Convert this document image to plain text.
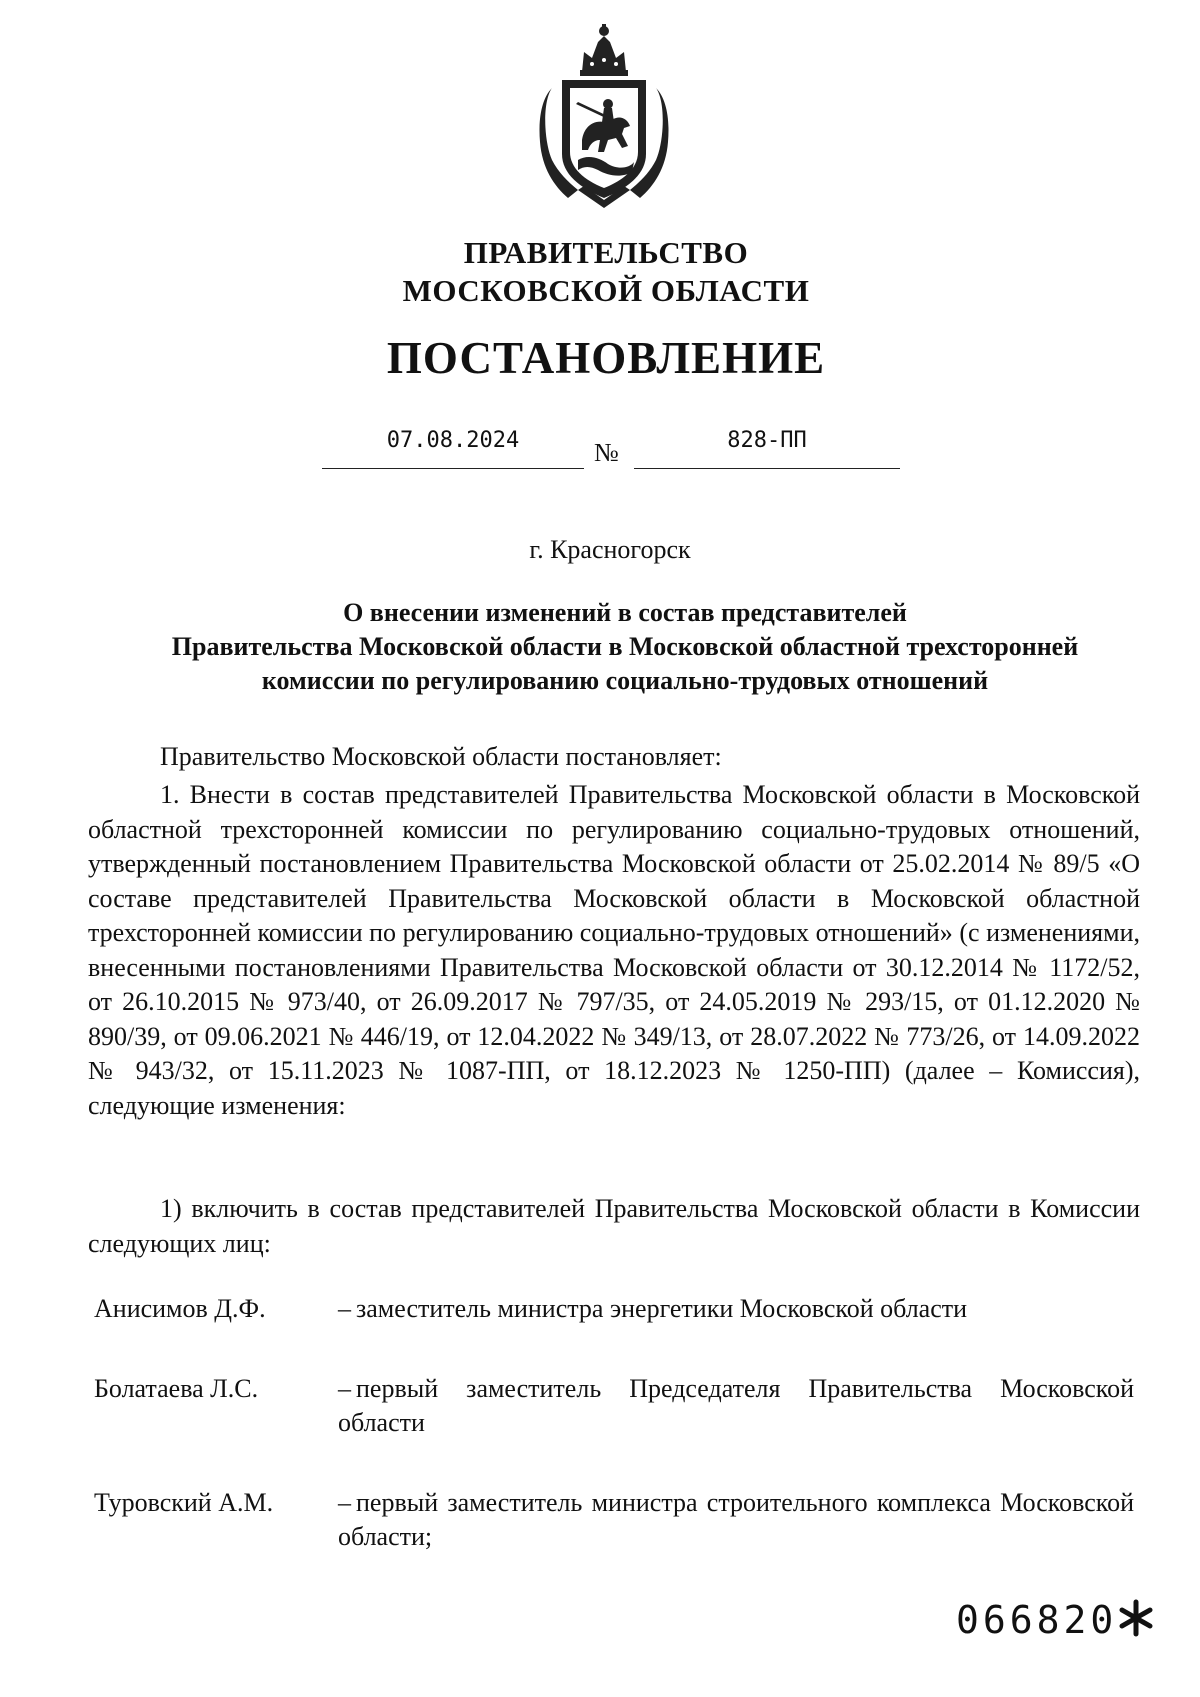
ПРАВИТЕЛЬСТВО
МОСКОВСКОЙ ОБЛАСТИ
ПОСТАНОВЛЕНИЕ
07.08.2024	№	828-ПП
г. Красногорск
О внесении изменений в состав представителей
Правительства Московской области в Московской областной трехсторонней
комиссии по регулированию социально-трудовых отношений
Правительство Московской области постановляет:
1. Внести в состав представителей Правительства Московской области в Московской областной трехсторонней комиссии по регулированию социально-трудовых отношений, утвержденный постановлением Правительства Московской области от 25.02.2014 № 89/5 «О составе представителей Правительства Московской области в Московской областной трехсторонней комиссии по регулированию социально-трудовых отношений» (с изменениями, внесенными постановлениями Правительства Московской области от 30.12.2014 № 1172/52, от 26.10.2015 № 973/40, от 26.09.2017 № 797/35, от 24.05.2019 № 293/15, от 01.12.2020 № 890/39, от 09.06.2021 № 446/19, от 12.04.2022 № 349/13, от 28.07.2022 № 773/26, от 14.09.2022 № 943/32, от 15.11.2023 № 1087-ПП, от 18.12.2023 № 1250-ПП) (далее – Комиссия), следующие изменения:
1) включить в состав представителей Правительства Московской области в Комиссии следующих лиц:
Анисимов Д.Ф.	– заместитель министра энергетики Московской области
Болатаева Л.С.	– первый заместитель Председателя Правительства Московской области
Туровский А.М.	– первый заместитель министра строительного комплекса Московской области;
066820
